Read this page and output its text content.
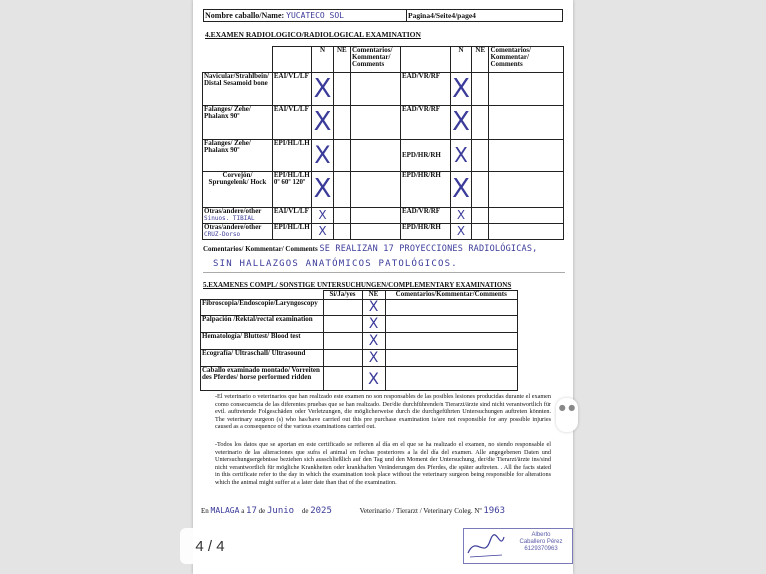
Nombre caballo/Name: YUCATECO SOL	Pagina4/Seite4/page4
4.EXAMEN RADIOLOGICO/RADIOLOGICAL EXAMINATION
		N	NE	Comentarios/ Kommentar/ Comments		N	NE	Comentarios/ Kommentar/ Comments
Navicular/Strahlbein/ Distal Sesamoid bone	EAI/VL/LF	X			EAD/VR/RF	X		
Falanges/ Zehe/ Phalanx 90º	EAI/VL/LF	X			EAD/VR/RF	X		
Falanges/ Zehe/ Phalanx 90º	EPI/HL/LH	X			EPD/HR/RH	X		
Corvejón/ Sprungelenk/ Hock	EPI/HL/LH 0º 60º 120º	X			EPD/HR/RH	X		
Otras/andere/other
Sinuos. TIBIAL	EAI/VL/LF	X			EAD/VR/RF	X		
Otras/andere/other
CRUZ-Dorso	EPI/HL/LH	X			EPD/HR/RH	X		
Comentarios/ Kommentar/ Comments SE REALIZAN 17 PROYECCIONES RADIOLÓGICAS,
SIN HALLAZGOS ANATÓMICOS PATOLÓGICOS.
5.EXAMENES COMPL/ SONSTIGE UNTERSUCHUNGEN/COMPLEMENTARY EXAMINATIONS
	Sí/Ja/yes	NE	Comentarios/Kommentar/Comments
Fibroscopia/Endoscopie/Laryngoscopy		X	
Palpación /Rektal/rectal examination		X	
Hematología/ Bluttest/ Blood test		X	
Ecografía/ Ultraschall/ Ultrasound		X	
Caballo examinado montado/ Vorreiten des Pferdes/ horse performed ridden		X	
-El veterinario o veterinarios que han realizado este examen no son responsables de las posibles lesiones producidas durante el examen como consecuencia de las diferentes pruebas que se han realizado. Der/die durchführende/n Tierarzt/ärzte sind nicht verantwortlich für evtl. auftretende Folgeschäden oder Verletzungen, die möglicherweise durch die durchgeführten Untersuchungen auftreten könnten. The veterinary surgeon (s) who has/have carried out this pre purchase examination is/are not responsible for any possible injuries caused as a consequence of the various examinations carried out.
-Todos los datos que se aportan en este certificado se refieren al día en el que se ha realizado el examen, no siendo responsable el veterinario de las alteraciones que sufra el animal en fechas posteriores a la del día del examen. Alle angegebenen Daten und Untersuchungsergebnisse beziehen sich ausschließlich auf den Tag und den Moment der Untersuchung, der/die Tierarzt/ärzte ins/sind nicht verantwortlich für mögliche Krankheiten oder krankhaften Veränderungen des Pferdes, die später auftreten. . All the facts stated in this certificate refer to the day in which the examination took place without the veterinary surgeon being responsible for alterations which the animal might suffer at a later date than that of the examination.
En MALAGA a 17 de Junio de 2025	Veterinario / Tierarzt / Veterinary Coleg. Nº 1963
Alberto
Caballero Pérez
6129370963
4 / 4
● ●
